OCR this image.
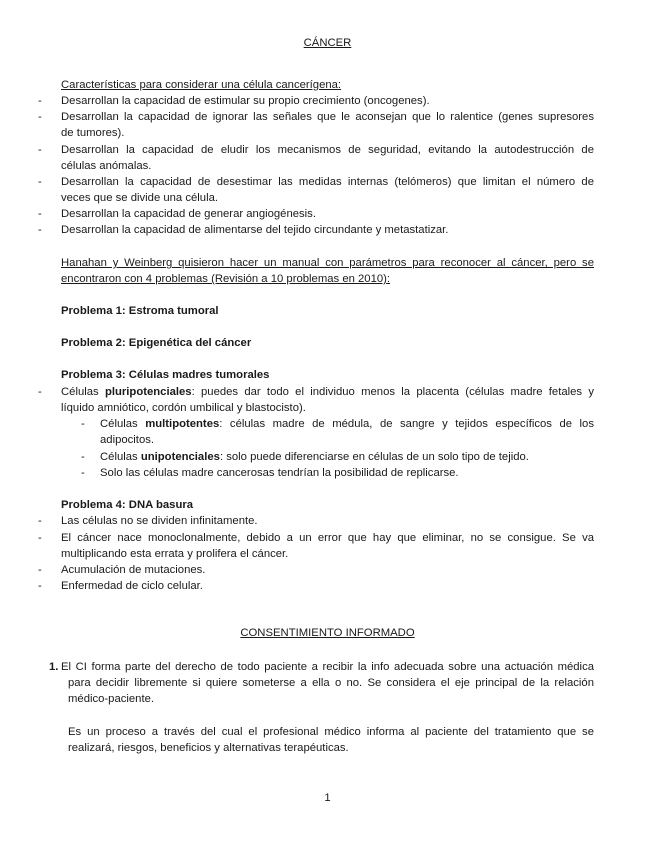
CÁNCER
Características para considerar una célula cancerígena:
- Desarrollan la capacidad de estimular su propio crecimiento (oncogenes).
- Desarrollan la capacidad de ignorar las señales que le aconsejan que lo ralentice (genes supresores
de tumores).
- Desarrollan la capacidad de eludir los mecanismos de seguridad, evitando la autodestrucción de
células anómalas.
- Desarrollan la capacidad de desestimar las medidas internas (telómeros) que limitan el número de
veces que se divide una célula.
- Desarrollan la capacidad de generar angiogénesis.
- Desarrollan la capacidad de alimentarse del tejido circundante y metastatizar.
Hanahan y Weinberg quisieron hacer un manual con parámetros para reconocer al cáncer, pero se
encontraron con 4 problemas (Revisión a 10 problemas en 2010):
Problema 1: Estroma tumoral
Problema 2: Epigenética del cáncer
Problema 3: Células madres tumorales
- Células pluripotenciales: puedes dar todo el individuo menos la placenta (células madre fetales y
líquido amniótico, cordón umbilical y blastocisto).
- Células multipotentes: células madre de médula, de sangre y tejidos específicos de los
adipocitos.
- Células unipotenciales: solo puede diferenciarse en células de un solo tipo de tejido.
- Solo las células madre cancerosas tendrían la posibilidad de replicarse.
Problema 4: DNA basura
- Las células no se dividen infinitamente.
- El cáncer nace monoclonalmente, debido a un error que hay que eliminar, no se consigue. Se va
multiplicando esta errata y prolifera el cáncer.
- Acumulación de mutaciones.
- Enfermedad de ciclo celular.
CONSENTIMIENTO INFORMADO
1. El CI forma parte del derecho de todo paciente a recibir la info adecuada sobre una actuación médica
para decidir libremente si quiere someterse a ella o no. Se considera el eje principal de la relación
médico-paciente.
Es un proceso a través del cual el profesional médico informa al paciente del tratamiento que se
realizará, riesgos, beneficios y alternativas terapéuticas.
1
